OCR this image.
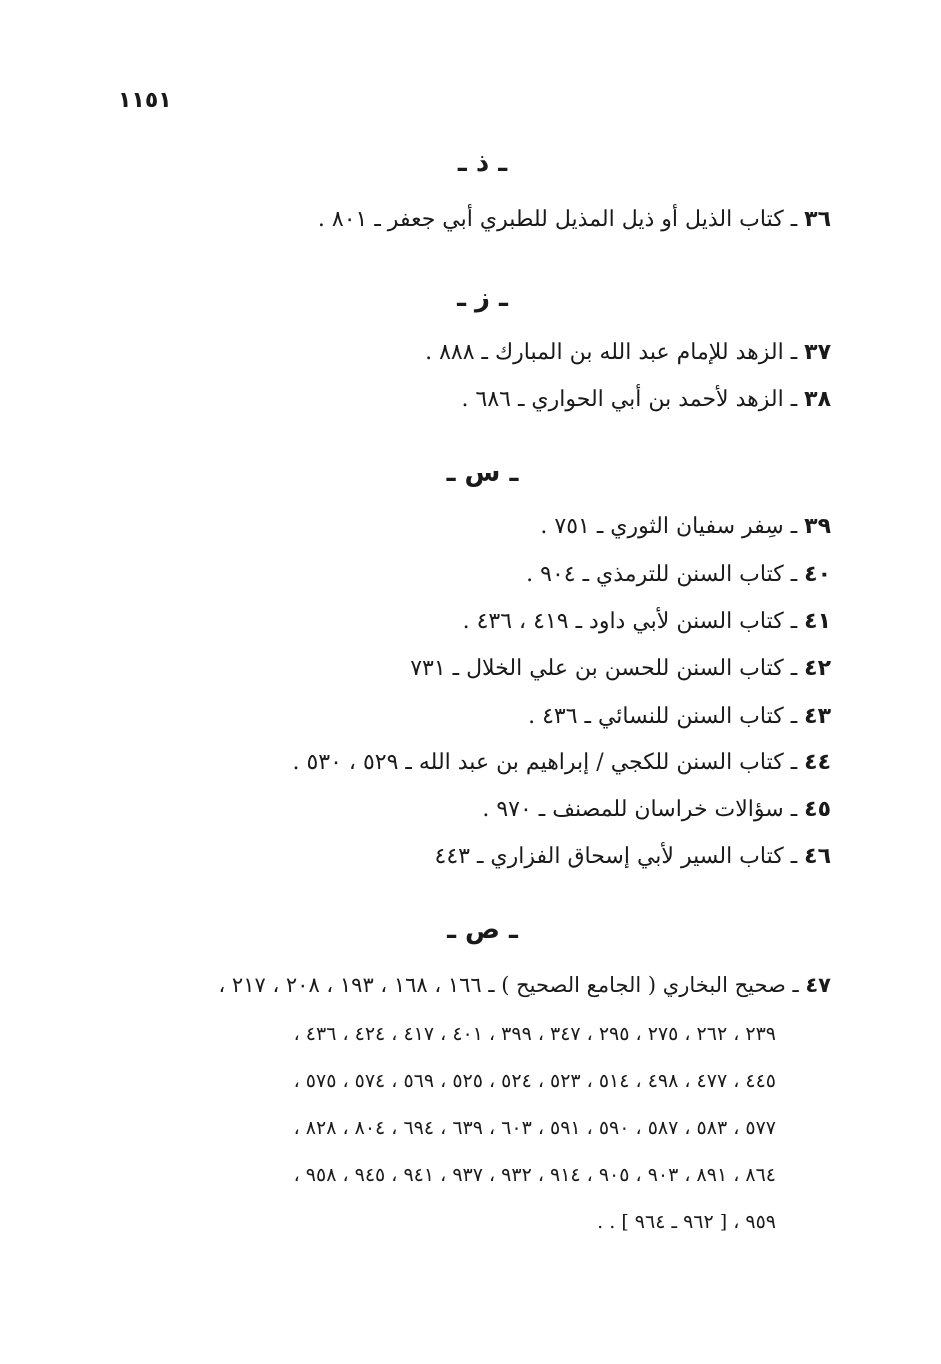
١١٥١
ـ ذ ـ
٣٦ ـ كتاب الذيل أو ذيل المذيل للطبري أبي جعفر ـ ٨٠١ .
ـ ز ـ
٣٧ ـ الزهد للإمام عبد الله بن المبارك ـ ٨٨٨ .
٣٨ ـ الزهد لأحمد بن أبي الحواري ـ ٦٨٦ .
ـ س ـ
٣٩ ـ سِفر سفيان الثوري ـ ٧٥١ .
٤٠ ـ كتاب السنن للترمذي ـ ٩٠٤ .
٤١ ـ كتاب السنن لأبي داود ـ ٤١٩ ، ٤٣٦ .
٤٢ ـ كتاب السنن للحسن بن علي الخلال ـ ٧٣١
٤٣ ـ كتاب السنن للنسائي ـ ٤٣٦ .
٤٤ ـ كتاب السنن للكجي / إبراهيم بن عبد الله ـ ٥٢٩ ، ٥٣٠ .
٤٥ ـ سؤالات خراسان للمصنف ـ ٩٧٠ .
٤٦ ـ كتاب السير لأبي إسحاق الفزاري ـ ٤٤٣
ـ ص ـ
٤٧ ـ صحيح البخاري ( الجامع الصحيح ) ـ ١٦٦ ، ١٦٨ ، ١٩٣ ، ٢٠٨ ، ٢١٧ ،
٢٣٩ ، ٢٦٢ ، ٢٧٥ ، ٢٩٥ ، ٣٤٧ ، ٣٩٩ ، ٤٠١ ، ٤١٧ ، ٤٢٤ ، ٤٣٦ ،
٤٤٥ ، ٤٧٧ ، ٤٩٨ ، ٥١٤ ، ٥٢٣ ، ٥٢٤ ، ٥٢٥ ، ٥٦٩ ، ٥٧٤ ، ٥٧٥ ،
٥٧٧ ، ٥٨٣ ، ٥٨٧ ، ٥٩٠ ، ٥٩١ ، ٦٠٣ ، ٦٣٩ ، ٦٩٤ ، ٨٠٤ ، ٨٢٨ ،
٨٦٤ ، ٨٩١ ، ٩٠٣ ، ٩٠٥ ، ٩١٤ ، ٩٣٢ ، ٩٣٧ ، ٩٤١ ، ٩٤٥ ، ٩٥٨ ،
٩٥٩ ، [ ٩٦٢ ـ ٩٦٤ ] . .
